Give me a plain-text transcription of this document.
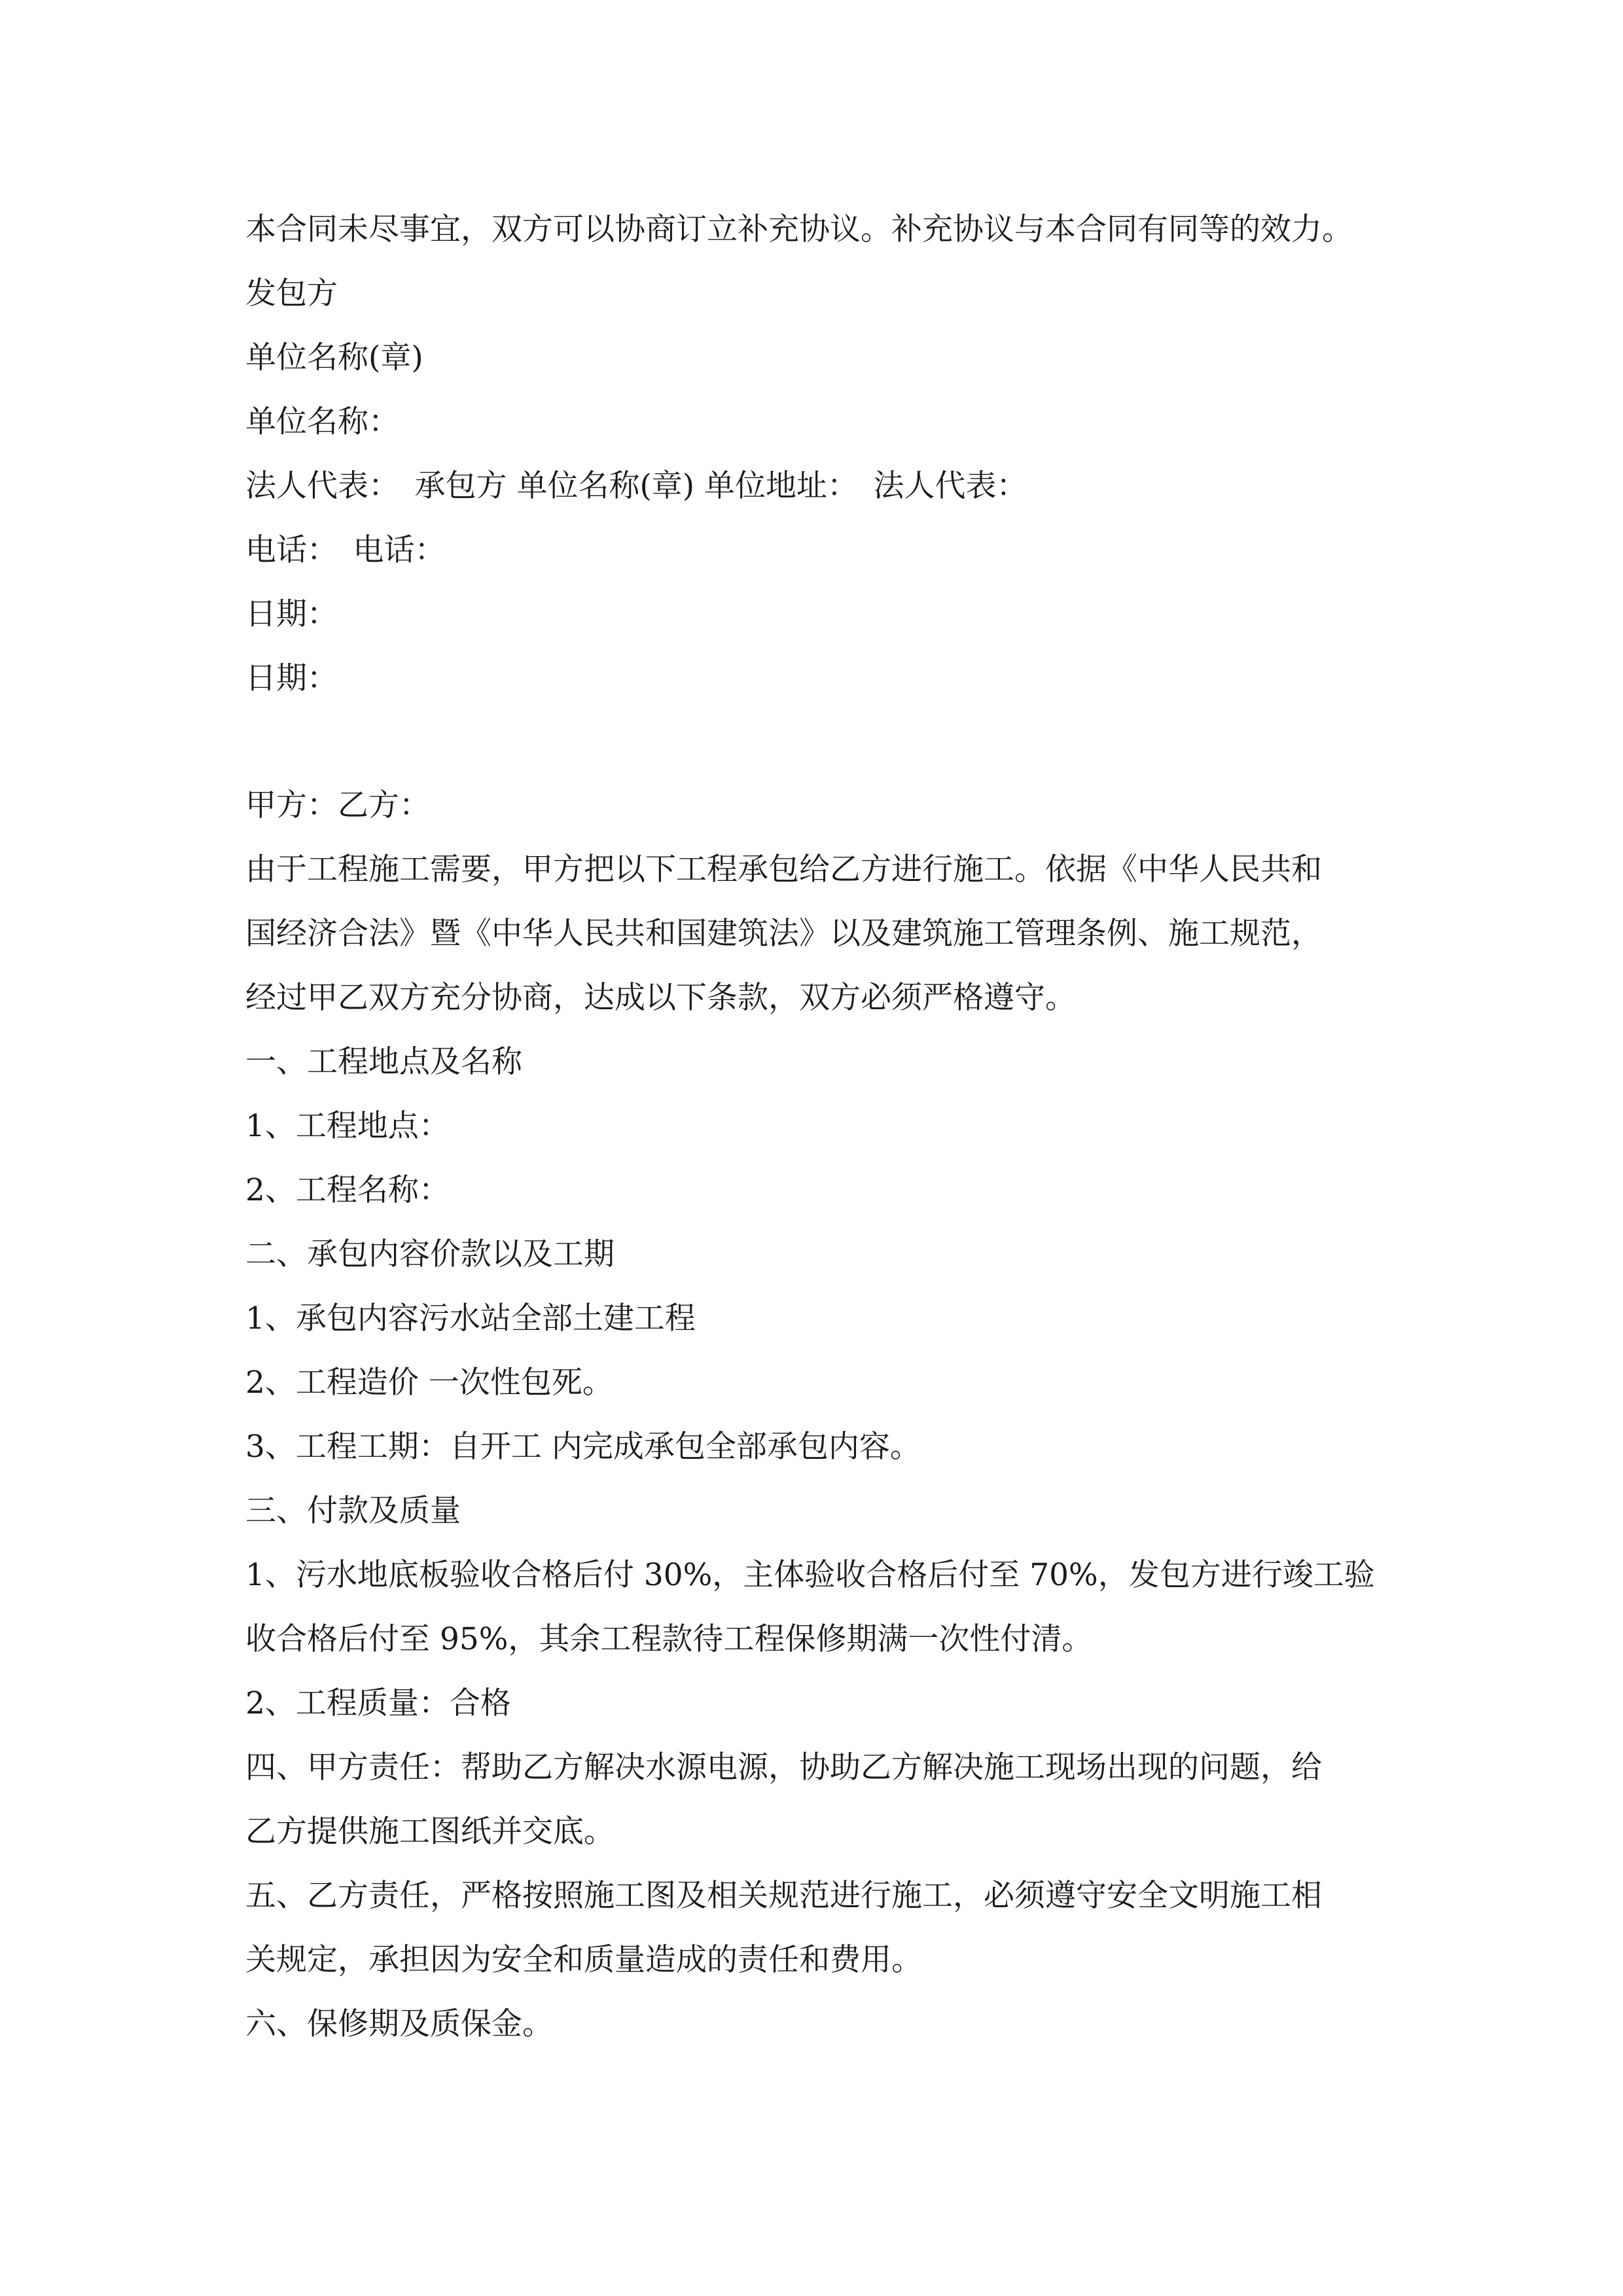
本合同未尽事宜，双方可以协商订立补充协议。补充协议与本合同有同等的效力。
发包方
单位名称(章)
单位名称：
法人代表：　承包方 单位名称(章) 单位地址：　法人代表：
电话：　电话：
日期：
日期：
甲方：乙方：
由于工程施工需要，甲方把以下工程承包给乙方进行施工。依据《中华人民共和
国经济合法》暨《中华人民共和国建筑法》以及建筑施工管理条例、施工规范，
经过甲乙双方充分协商，达成以下条款，双方必须严格遵守。
一、工程地点及名称
1、工程地点：
2、工程名称：
二、承包内容价款以及工期
1、承包内容污水站全部土建工程
2、工程造价 一次性包死。
3、工程工期：自开工 内完成承包全部承包内容。
三、付款及质量
1、污水地底板验收合格后付 30%，主体验收合格后付至 70%，发包方进行竣工验
收合格后付至 95%，其余工程款待工程保修期满一次性付清。
2、工程质量：合格
四、甲方责任：帮助乙方解决水源电源，协助乙方解决施工现场出现的问题，给
乙方提供施工图纸并交底。
五、乙方责任，严格按照施工图及相关规范进行施工，必须遵守安全文明施工相
关规定，承担因为安全和质量造成的责任和费用。
六、保修期及质保金。
